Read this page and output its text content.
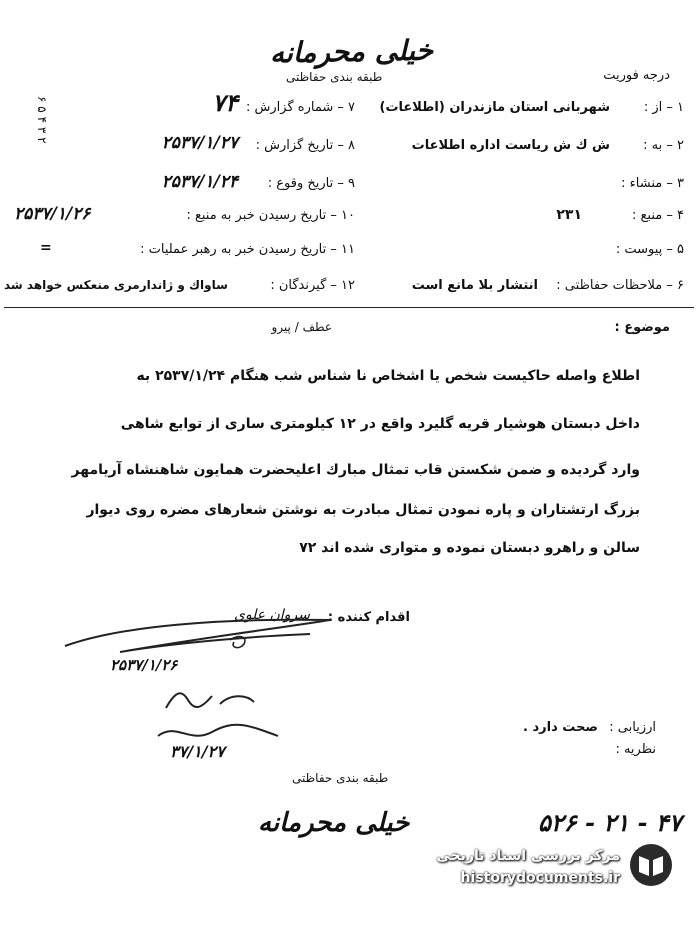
خیلی محرمانه
طبقه بندی حفاظتی	درجه فوریت
۲ ۳ ۴ ۵ ۶
۱ – از :
شهربانی استان مازندران (اطلاعات)
۲ – به :
ش ك ش ریاست اداره اطلاعات
۳ – منشاء :
۴ – منبع :
۲۳۱
۵ – پیوست :
۶ – ملاحظات حفاظتی :
انتشار بلا مانع است
۷ – شماره گزارش :
۷۴
۸ – تاریخ گزارش :
۲۵۳۷/۱/۲۷
۹ – تاریخ وقوع :
۲۵۳۷/۱/۲۴
۱۰ – تاریخ رسیدن خبر به منبع :
۲۵۳۷/۱/۲۶
۱۱ – تاریخ رسیدن خبر به رهبر عملیات :
=
۱۲ – گیرندگان :
ساواك و ژاندارمری منعکس خواهد شد
موضوع :
عطف / پیرو
اطلاع واصله حاکیست شخص یا اشخاص نا شناس شب هنگام ۲۵۳۷/۱/۲۴ به
داخل دبستان هوشیار قریه گلیرد واقع در ۱۲ کیلومتری ساری از توابع شاهی
وارد گردیده و ضمن شکستن قاب تمثال مبارك اعلیحضرت همایون شاهنشاه آریامهر
بزرگ ارتشتاران و پاره نمودن تمثال مبادرت به نوشتن شعارهای مضره روی دیوار
سالن و راهرو دبستان نموده و متواری شده اند ۷۲
اقدام کننده :
سروان علوی
۲۵۳۷/۱/۲۶
۳۷/۱/۲۷
ارزیابی :
صحت دارد .
نظریه :
طبقه بندی حفاظتی
خیلی محرمانه	۵۲۶ - ۲۱ - ۴۷
مرکز بررسی اسناد تاریخی
historydocuments.ir
